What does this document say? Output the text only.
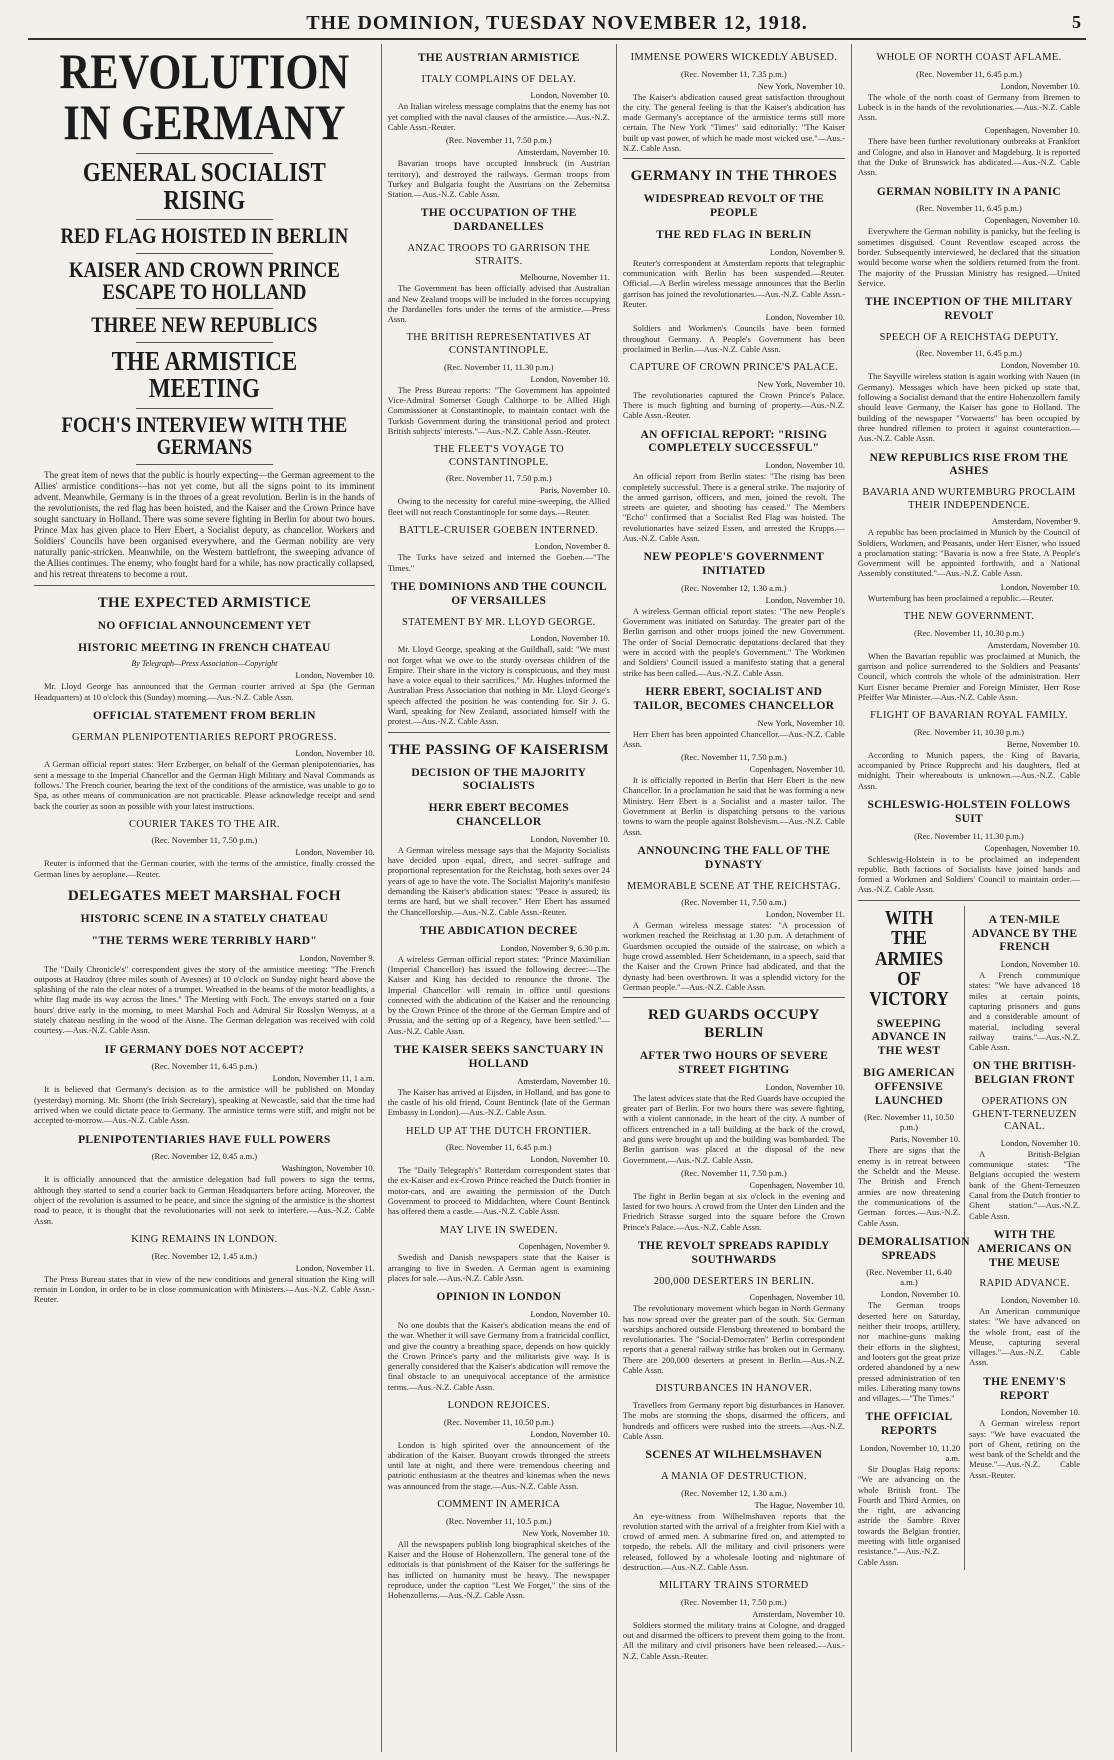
THE DOMINION, TUESDAY NOVEMBER 12, 1918.	5
REVOLUTION IN GERMANY
GENERAL SOCIALIST RISING
RED FLAG HOISTED IN BERLIN
KAISER AND CROWN PRINCE ESCAPE TO HOLLAND
THREE NEW REPUBLICS
THE ARMISTICE MEETING
FOCH'S INTERVIEW WITH THE GERMANS

The great item of news that the public is hourly expecting—the German agreement to the Allies' armistice conditions—has not yet come, but all the signs point to its imminent advent. Meanwhile, Germany is in the throes of a great revolution. Berlin is in the hands of the revolutionists, the red flag has been hoisted, and the Kaiser and the Crown Prince have sought sanctuary in Holland. There was some severe fighting in Berlin for about two hours. Prince Max has given place to Herr Ebert, a Socialist deputy, as chancellor. Workers and Soldiers' Councils have been organised everywhere, and the German nobility are very naturally panic-stricken. Meanwhile, on the Western battlefront, the sweeping advance of the Allies continues. The enemy, who fought hard for a while, has now practically collapsed, and his retreat threatens to become a rout.

THE EXPECTED ARMISTICE
NO OFFICIAL ANNOUNCEMENT YET
HISTORIC MEETING IN FRENCH CHATEAU
By Telegraph—Press Association—Copyright
London, November 10.

Mr. Lloyd George has announced that the German courier arrived at Spa (the German Headquarters) at 10 o'clock this (Sunday) morning.—Aus.-N.Z. Cable Assn.

OFFICIAL STATEMENT FROM BERLIN
GERMAN PLENIPOTENTIARIES REPORT PROGRESS.
London, November 10.

A German official report states: 'Herr Erzberger, on behalf of the German plenipotentiaries, has sent a message to the Imperial Chancellor and the German High Military and Naval Commands as follows.' The French courier, bearing the text of the conditions of the armistice, was unable to go to Spa, as other means of communication are not practicable. Please acknowledge receipt and send back the courier as soon as possible with your latest instructions.

COURIER TAKES TO THE AIR.
(Rec. November 11, 7.50 p.m.)
London, November 10.

Reuter is informed that the German courier, with the terms of the armistice, finally crossed the German lines by aeroplane.—Reuter.

DELEGATES MEET MARSHAL FOCH
HISTORIC SCENE IN A STATELY CHATEAU
"THE TERMS WERE TERRIBLY HARD"
London, November 9.

The "Daily Chronicle's" correspondent gives the story of the armistice meeting: "The French outposts at Haudroy (three miles south of Avesnes) at 10 o'clock on Sunday night heard above the splashing of the rain the clear notes of a trumpet. Wreathed in the beams of the motor headlights, a white flag made its way across the lines." The Meeting with Foch. The envoys started on a four hours' drive early in the morning, to meet Marshal Foch and Admiral Sir Rosslyn Wemyss, at a stately chateau nestling in the wood of the Aisne. The German delegation was received with cold courtesy.—Aus.-N.Z. Cable Assn.

IF GERMANY DOES NOT ACCEPT?
(Rec. November 11, 6.45 p.m.)
London, November 11, 1 a.m.

It is believed that Germany's decision as to the armistice will be published on Monday (yesterday) morning. Mr. Shortt (the Irish Secretary), speaking at Newcastle, said that the time had arrived when we could dictate peace to Germany. The armistice terms were stiff, and might not be accepted to-morrow.—Aus.-N.Z. Cable Assn.

PLENIPOTENTIARIES HAVE FULL POWERS
(Rec. November 12, 0.45 a.m.)
Washington, November 10.

It is officially announced that the armistice delegation had full powers to sign the terms, although they started to send a courier back to German Headquarters before acting. Moreover, the object of the revolution is assumed to be peace, and since the signing of the armistice is the shortest road to peace, it is thought that the revolutionaries will not seek to interfere.—Aus.-N.Z. Cable Assn.

KING REMAINS IN LONDON.
(Rec. November 12, 1.45 a.m.)
London, November 11.

The Press Bureau states that in view of the new conditions and general situation the King will remain in London, in order to be in close communication with Ministers.—Aus.-N.Z. Cable Assn.-Reuter.

THE AUSTRIAN ARMISTICE
ITALY COMPLAINS OF DELAY.
London, November 10.

An Italian wireless message complains that the enemy has not yet complied with the naval clauses of the armistice.—Aus.-N.Z. Cable Assn.-Reuter.

(Rec. November 11, 7.50 p.m.)
Amsterdam, November 10.

Bavarian troops have occupied Innsbruck (in Austrian territory), and destroyed the railways. German troops from Turkey and Bulgaria fought the Austrians on the Zebernitsa Station.—Aus.-N.Z. Cable Assn.

THE OCCUPATION OF THE DARDANELLES
ANZAC TROOPS TO GARRISON THE STRAITS.
Melbourne, November 11.

The Government has been officially advised that Australian and New Zealand troops will be included in the forces occupying the Dardanelles forts under the terms of the armistice.—Press Assn.

THE BRITISH REPRESENTATIVES AT CONSTANTINOPLE.
(Rec. November 11, 11.30 p.m.)
London, November 10.

The Press Bureau reports: "The Government has appointed Vice-Admiral Somerset Gough Calthorpe to be Allied High Commissioner at Constantinople, to maintain contact with the Turkish Government during the transitional period and protect British subjects' interests."—Aus.-N.Z. Cable Assn.-Reuter.

THE FLEET'S VOYAGE TO CONSTANTINOPLE.
(Rec. November 11, 7.50 p.m.)
Paris, November 10.

Owing to the necessity for careful mine-sweeping, the Allied fleet will not reach Constantinople for some days.—Reuter.

BATTLE-CRUISER GOEBEN INTERNED.
London, November 8.

The Turks have seized and interned the Goeben.—"The Times."

THE DOMINIONS AND THE COUNCIL OF VERSAILLES
STATEMENT BY MR. LLOYD GEORGE.
London, November 10.

Mr. Lloyd George, speaking at the Guildhall, said: "We must not forget what we owe to the sturdy overseas children of the Empire. Their share in the victory is conspicuous, and they must have a voice equal to their sacrifices." Mr. Hughes informed the Australian Press Association that nothing in Mr. Lloyd George's speech affected the position he was contending for. Sir J. G. Ward, speaking for New Zealand, associated himself with the protest.—Aus.-N.Z. Cable Assn.

THE PASSING OF KAISERISM
DECISION OF THE MAJORITY SOCIALISTS
HERR EBERT BECOMES CHANCELLOR
London, November 10.

A German wireless message says that the Majority Socialists have decided upon equal, direct, and secret suffrage and proportional representation for the Reichstag, both sexes over 24 years of age to have the vote. The Socialist Majority's manifesto demanding the Kaiser's abdication states: "Peace is assured; its terms are hard, but we shall recover." Herr Ebert has assumed the Chancellorship.—Aus.-N.Z. Cable Assn.-Reuter.

THE ABDICATION DECREE
London, November 9, 6.30 p.m.

A wireless German official report states: "Prince Maximilian (Imperial Chancellor) has issued the following decree:—The Kaiser and King has decided to renounce the throne. The Imperial Chancellor will remain in office until questions connected with the abdication of the Kaiser and the renouncing by the Crown Prince of the throne of the German Empire and of Prussia, and the setting up of a Regency, have been settled."—Aus.-N.Z. Cable Assn.

THE KAISER SEEKS SANCTUARY IN HOLLAND
Amsterdam, November 10.

The Kaiser has arrived at Eijsden, in Holland, and has gone to the castle of his old friend, Count Bentinck (late of the German Embassy in London).—Aus.-N.Z. Cable Assn.

HELD UP AT THE DUTCH FRONTIER.
(Rec. November 11, 6.45 p.m.)
London, November 10.

The "Daily Telegraph's" Rotterdam correspondent states that the ex-Kaiser and ex-Crown Prince reached the Dutch frontier in motor-cars, and are awaiting the permission of the Dutch Government to proceed to Middachten, where Count Bentinck has offered them a castle.—Aus.-N.Z. Cable Assn.

MAY LIVE IN SWEDEN.
Copenhagen, November 9.

Swedish and Danish newspapers state that the Kaiser is arranging to live in Sweden. A German agent is examining places for sale.—Aus.-N.Z. Cable Assn.

OPINION IN LONDON
London, November 10.

No one doubts that the Kaiser's abdication means the end of the war. Whether it will save Germany from a fratricidal conflict, and give the country a breathing space, depends on how quickly the Crown Prince's party and the militarists give way. It is generally considered that the Kaiser's abdication will remove the final obstacle to an unequivocal acceptance of the armistice terms.—Aus.-N.Z. Cable Assn.

LONDON REJOICES.
(Rec. November 11, 10.50 p.m.)
London, November 10.

London is high spirited over the announcement of the abdication of the Kaiser. Buoyant crowds thronged the streets until late at night, and there were tremendous cheering and patriotic enthusiasm at the theatres and kinemas when the news was announced from the stage.—Aus.-N.Z. Cable Assn.

COMMENT IN AMERICA
(Rec. November 11, 10.5 p.m.)
New York, November 10.

All the newspapers publish long biographical sketches of the Kaiser and the House of Hohenzollern. The general tone of the editorials is that punishment of the Kaiser for the sufferings he has inflicted on humanity must be heavy. The newspaper reproduce, under the caption "Lest We Forget," the sins of the Hohenzollerns.—Aus.-N.Z. Cable Assn.

IMMENSE POWERS WICKEDLY ABUSED.
(Rec. November 11, 7.35 p.m.)
New York, November 10.

The Kaiser's abdication caused great satisfaction throughout the city. The general feeling is that the Kaiser's abdication has made Germany's acceptance of the armistice terms still more certain. The New York "Times" said editorially: "The Kaiser built up vast power, of which he made most wicked use."—Aus.-N.Z. Cable Assn.

GERMANY IN THE THROES
WIDESPREAD REVOLT OF THE PEOPLE
THE RED FLAG IN BERLIN
London, November 9.

Reuter's correspondent at Amsterdam reports that telegraphic communication with Berlin has been suspended.—Reuter. Official.—A Berlin wireless message announces that the Berlin garrison has joined the revolutionaries.—Aus.-N.Z. Cable Assn.-Reuter.

London, November 10.

Soldiers and Workmen's Councils have been formed throughout Germany. A People's Government has been proclaimed in Berlin.—Aus.-N.Z. Cable Assn.

CAPTURE OF CROWN PRINCE'S PALACE.
New York, November 10.

The revolutionaries captured the Crown Prince's Palace. There is much fighting and burning of property.—Aus.-N.Z. Cable Assn.-Reuter.

AN OFFICIAL REPORT: "RISING COMPLETELY SUCCESSFUL"
London, November 10.

An official report from Berlin states: "The rising has been completely successful. There is a general strike. The majority of the armed garrison, officers, and men, joined the revolt. The streets are quieter, and shooting has ceased." The Members "Echo" confirmed that a Socialist Red Flag was hoisted. The revolutionaries have seized Essen, and arrested the Krupps.—Aus.-N.Z. Cable Assn.

NEW PEOPLE'S GOVERNMENT INITIATED
(Rec. November 12, 1.30 a.m.)
London, November 10.

A wireless German official report states: "The new People's Government was initiated on Saturday. The greater part of the Berlin garrison and other troops joined the new Government. The order of Social Democratic deputations declared that they were in accord with the people's Government." The Workmen and Soldiers' Council issued a manifesto stating that a general strike has been called.—Aus.-N.Z. Cable Assn.

HERR EBERT, SOCIALIST AND TAILOR, BECOMES CHANCELLOR
New York, November 10.

Herr Ebert has been appointed Chancellor.—Aus.-N.Z. Cable Assn.

(Rec. November 11, 7.50 p.m.)
Copenhagen, November 10.

It is officially reported in Berlin that Herr Ebert is the new Chancellor. In a proclamation he said that he was forming a new Ministry. Herr Ebert is a Socialist and a master tailor. The Government at Berlin is dispatching persons to the various towns to warn the people against Bolshevism.—Aus.-N.Z. Cable Assn.

ANNOUNCING THE FALL OF THE DYNASTY
MEMORABLE SCENE AT THE REICHSTAG.
(Rec. November 11, 7.50 a.m.)
London, November 11.

A German wireless message states: "A procession of workmen reached the Reichstag at 1.30 p.m. A detachment of Guardsmen occupied the outside of the staircase, on which a huge crowd assembled. Herr Scheidemann, in a speech, said that the Kaiser and the Crown Prince had abdicated, and that the dynasty had been overthrown. It was a splendid victory for the German people."—Aus.-N.Z. Cable Assn.

RED GUARDS OCCUPY BERLIN
AFTER TWO HOURS OF SEVERE STREET FIGHTING
London, November 10.

The latest advices state that the Red Guards have occupied the greater part of Berlin. For two hours there was severe fighting, with a violent cannonade, in the heart of the city. A number of officers entrenched in a tall building at the back of the crowd, and guns were brought up and the building was bombarded. The Berlin garrison was placed at the disposal of the new Government.—Aus.-N.Z. Cable Assn.

(Rec. November 11, 7.50 p.m.)
Copenhagen, November 10.

The fight in Berlin began at six o'clock in the evening and lasted for two hours. A crowd from the Unter den Linden and the Friedrich Strasse surged into the square before the Crown Prince's Palace.—Aus.-N.Z. Cable Assn.

THE REVOLT SPREADS RAPIDLY SOUTHWARDS
200,000 DESERTERS IN BERLIN.
Copenhagen, November 10.

The revolutionary movement which began in North Germany has now spread over the greater part of the south. Six German warships anchored outside Flensburg threatened to bombard the revolutionaries. The "Social-Democraten" Berlin correspondent reports that a general railway strike has broken out in Germany. There are 200,000 deserters at present in Berlin.—Aus.-N.Z. Cable Assn.

DISTURBANCES IN HANOVER.

Travellers from Germany report big disturbances in Hanover. The mobs are storming the shops, disarmed the officers, and hundreds and officers were rushed into the streets.—Aus.-N.Z. Cable Assn.

SCENES AT WILHELMSHAVEN
A MANIA OF DESTRUCTION.
(Rec. November 12, 1.30 a.m.)
The Hague, November 10.

An eye-witness from Wilhelmshaven reports that the revolution started with the arrival of a freighter from Kiel with a crowd of armed men. A submarine fired on, and attempted to torpedo, the rebels. All the military and civil prisoners were released, followed by a wholesale looting and nightmare of destruction.—Aus.-N.Z. Cable Assn.

MILITARY TRAINS STORMED
(Rec. November 11, 7.50 p.m.)
Amsterdam, November 10.

Soldiers stormed the military trains at Cologne, and dragged out and disarmed the officers to prevent them going to the front. All the military and civil prisoners have been released.—Aus.-N.Z. Cable Assn.-Reuter.

WHOLE OF NORTH COAST AFLAME.
(Rec. November 11, 6.45 p.m.)
London, November 10.

The whole of the north coast of Germany from Bremen to Lubeck is in the hands of the revolutionaries.—Aus.-N.Z. Cable Assn.

Copenhagen, November 10.

There have been further revolutionary outbreaks at Frankfort and Cologne, and also in Hanover and Magdeburg. It is reported that the Duke of Brunswick has abdicated.—Aus.-N.Z. Cable Assn.

GERMAN NOBILITY IN A PANIC
(Rec. November 11, 6.45 p.m.)
Copenhagen, November 10.

Everywhere the German nobility is panicky, but the feeling is sometimes disguised. Count Reventlow escaped across the border. Subsequently interviewed, he declared that the situation would become worse when the soldiers returned from the front. The majority of the Prussian Ministry has resigned.—United Service.

THE INCEPTION OF THE MILITARY REVOLT
SPEECH OF A REICHSTAG DEPUTY.
(Rec. November 11, 6.45 p.m.)
London, November 10.

The Sayville wireless station is again working with Nauen (in Germany). Messages which have been picked up state that, following a Socialist demand that the entire Hohenzollern family should leave Germany, the Kaiser has gone to Holland. The building of the newspaper "Vorwaerts" has been occupied by three hundred riflemen to protect it against counteraction.—Aus.-N.Z. Cable Assn.

NEW REPUBLICS RISE FROM THE ASHES
BAVARIA AND WURTEMBURG PROCLAIM THEIR INDEPENDENCE.
Amsterdam, November 9.

A republic has been proclaimed in Munich by the Council of Soldiers, Workmen, and Peasants, under Herr Eisner, who issued a proclamation stating: "Bavaria is now a free State. A People's Government will be appointed forthwith, and a National Assembly constituted."—Aus.-N.Z. Cable Assn.

London, November 10.

Wurtemburg has been proclaimed a republic.—Reuter.

THE NEW GOVERNMENT.
(Rec. November 11, 10.30 p.m.)
Amsterdam, November 10.

When the Bavarian republic was proclaimed at Munich, the garrison and police surrendered to the Soldiers and Peasants' Council, which controls the whole of the administration. Herr Kurt Eisner became Premier and Foreign Minister, Herr Rose Pfeiffer War Minister.—Aus.-N.Z. Cable Assn.

FLIGHT OF BAVARIAN ROYAL FAMILY.
(Rec. November 11, 10.30 p.m.)
Berne, November 10.

According to Munich papers, the King of Bavaria, accompanied by Prince Rupprecht and his daughters, fled at midnight. Their whereabouts is unknown.—Aus.-N.Z. Cable Assn.

SCHLESWIG-HOLSTEIN FOLLOWS SUIT
(Rec. November 11, 11.30 p.m.)
Copenhagen, November 10.

Schleswig-Holstein is to be proclaimed an independent republic. Both factions of Socialists have joined hands and formed a Workmen and Soldiers' Council to maintain order.—Aus.-N.Z. Cable Assn.

WITH THE ARMIES OF VICTORY
SWEEPING ADVANCE IN THE WEST
BIG AMERICAN OFFENSIVE LAUNCHED
(Rec. November 11, 10.50 p.m.)
Paris, November 10.

There are signs that the enemy is in retreat between the Scheldt and the Meuse. The British and French armies are now threatening the communications of the German forces.—Aus.-N.Z. Cable Assn.

DEMORALISATION SPREADS
(Rec. November 11, 6.40 a.m.)
London, November 10.

The German troops deserted here on Saturday, neither their troops, artillery, nor machine-guns making their efforts in the slightest, and looters got the great prize ordered abandoned by a new pressed administration of ten miles. Liberating many towns and villages.—"The Times."

THE OFFICIAL REPORTS
London, November 10, 11.20 a.m.

Sir Douglas Haig reports: "We are advancing on the whole British front. The Fourth and Third Armies, on the right, are advancing astride the Sambre River towards the Belgian frontier, meeting with little organised resistance."—Aus.-N.Z. Cable Assn.

A TEN-MILE ADVANCE BY THE FRENCH
London, November 10.

A French communique states: "We have advanced 18 miles at certain points, capturing prisoners and guns and a considerable amount of material, including several railway trains."—Aus.-N.Z. Cable Assn.

ON THE BRITISH-BELGIAN FRONT
OPERATIONS ON GHENT-TERNEUZEN CANAL.
London, November 10.

A British-Belgian communique states: "The Belgians occupied the western bank of the Ghent-Terneuzen Canal from the Dutch frontier to Ghent station."—Aus.-N.Z. Cable Assn.

WITH THE AMERICANS ON THE MEUSE
RAPID ADVANCE.
London, November 10.

An American communique states: "We have advanced on the whole front, east of the Meuse, capturing several villages."—Aus.-N.Z. Cable Assn.

THE ENEMY'S REPORT
London, November 10.

A German wireless report says: "We have evacuated the port of Ghent, retiring on the west bank of the Scheldt and the Meuse."—Aus.-N.Z. Cable Assn.-Reuter.
